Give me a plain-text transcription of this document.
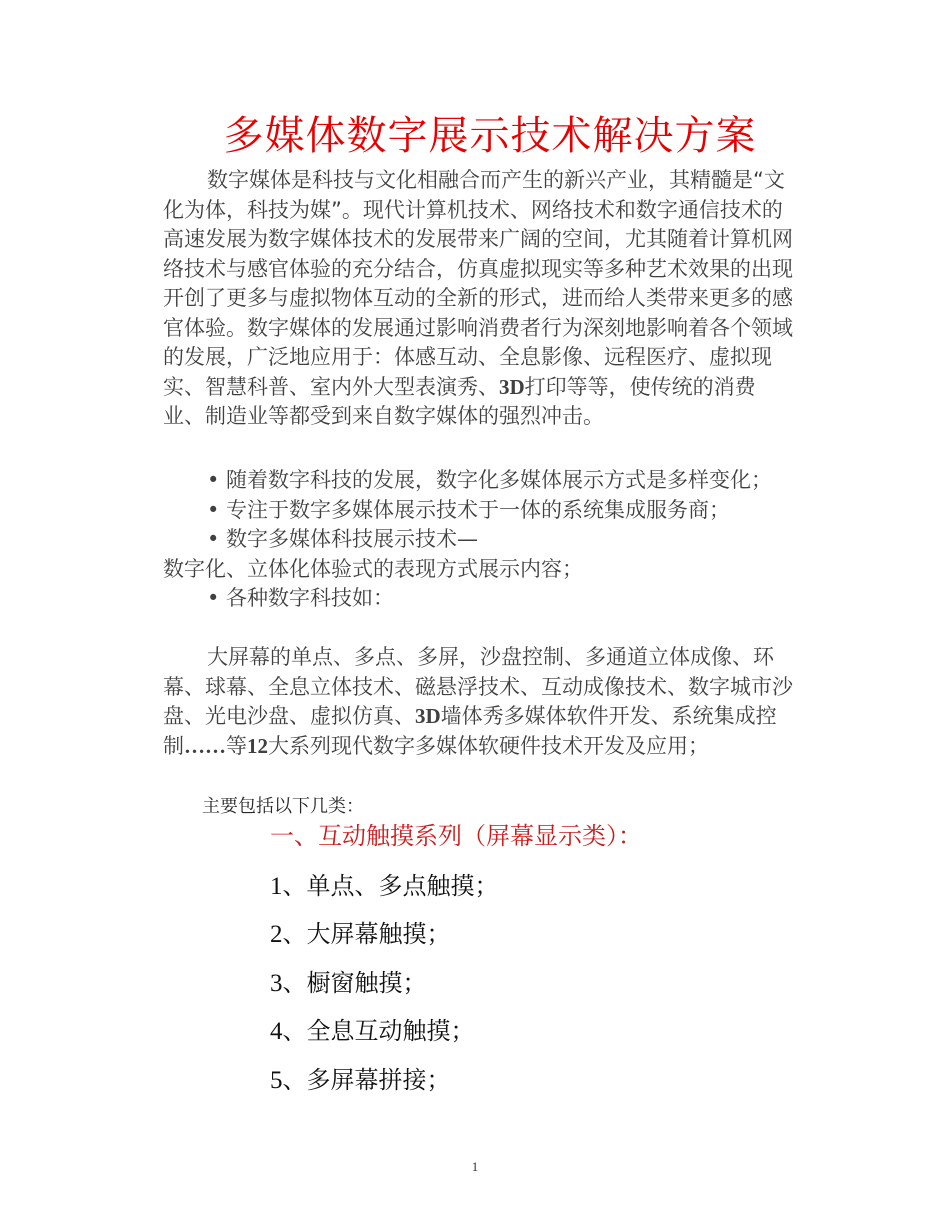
多媒体数字展示技术解决方案

数字媒体是科技与文化相融合而产生的新兴产业，其精髓是“文化为体，科技为媒”。现代计算机技术、网络技术和数字通信技术的高速发展为数字媒体技术的发展带来广阔的空间，尤其随着计算机网络技术与感官体验的充分结合，仿真虚拟现实等多种艺术效果的出现开创了更多与虚拟物体互动的全新的形式，进而给人类带来更多的感官体验。数字媒体的发展通过影响消费者行为深刻地影响着各个领域的发展，广泛地应用于：体感互动、全息影像、远程医疗、虚拟现实、智慧科普、室内外大型表演秀、3D打印等等，使传统的消费业、制造业等都受到来自数字媒体的强烈冲击。

• 随着数字科技的发展，数字化多媒体展示方式是多样变化；

• 专注于数字多媒体展示技术于一体的系统集成服务商；

• 数字多媒体科技展示技术—

数字化、立体化体验式的表现方式展示内容；

• 各种数字科技如：

大屏幕的单点、多点、多屏，沙盘控制、多通道立体成像、环幕、球幕、全息立体技术、磁悬浮技术、互动成像技术、数字城市沙盘、光电沙盘、虚拟仿真、3D墙体秀多媒体软件开发、系统集成控制……等12大系列现代数字多媒体软硬件技术开发及应用；

主要包括以下几类：
一、互动触摸系列（屏幕显示类）：
1、单点、多点触摸；
2、大屏幕触摸；
3、橱窗触摸；
4、全息互动触摸；
5、多屏幕拼接；
1
